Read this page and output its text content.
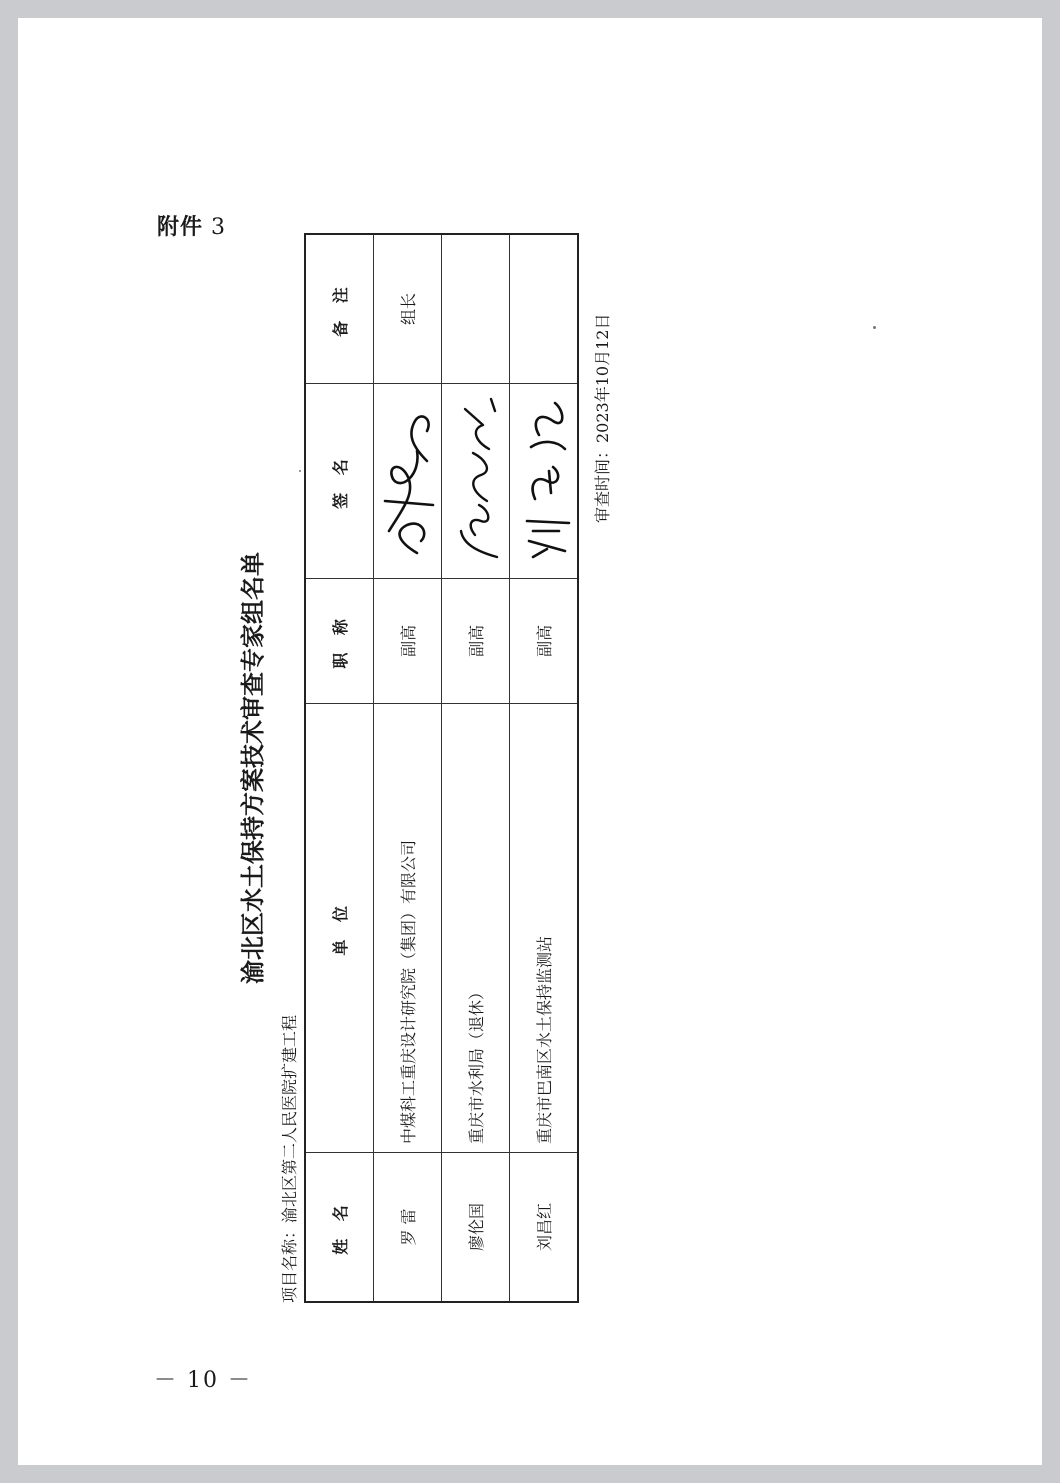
附件 3
渝北区水土保持方案技术审查专家组名单
项目名称：渝北区第二人民医院扩建工程
姓 名	单 位	职 称	签 名	备 注
罗 雷	中煤科工重庆设计研究院（集团）有限公司	副高		组长
廖伦国	重庆市水利局（退休）	副高	

刘昌红	重庆市巴南区水土保持监测站	副高	

审查时间：2023年10月12日
－ 10 －
